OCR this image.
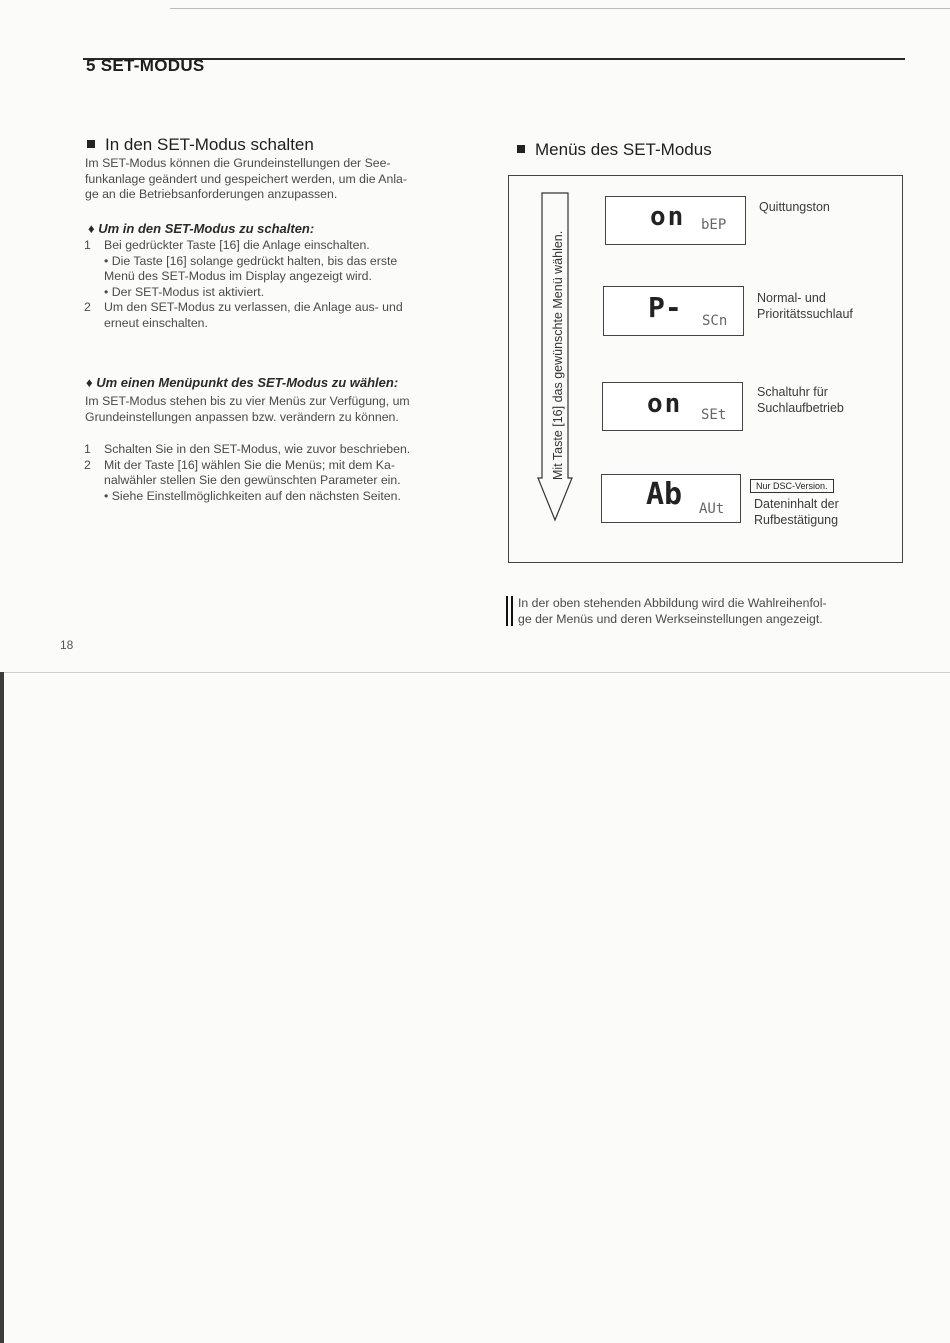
5 SET-MODUS
In den SET-Modus schalten
Im SET-Modus können die Grundeinstellungen der See-
funkanlage geändert und gespeichert werden, um die Anla-
ge an die Betriebsanforderungen anzupassen.
♦ Um in den SET-Modus zu schalten:
1 Bei gedrückter Taste [16] die Anlage einschalten.
• Die Taste [16] solange gedrückt halten, bis das erste
Menü des SET-Modus im Display angezeigt wird.
• Der SET-Modus ist aktiviert.
2 Um den SET-Modus zu verlassen, die Anlage aus- und
erneut einschalten.
♦ Um einen Menüpunkt des SET-Modus zu wählen:
Im SET-Modus stehen bis zu vier Menüs zur Verfügung, um
Grundeinstellungen anpassen bzw. verändern zu können.
1 Schalten Sie in den SET-Modus, wie zuvor beschrieben.
2 Mit der Taste [16] wählen Sie die Menüs; mit dem Ka-
nalwähler stellen Sie den gewünschten Parameter ein.
• Siehe Einstellmöglichkeiten auf den nächsten Seiten.
Menüs des SET-Modus
Mit Taste [16] das gewünschte Menü wählen.
on bEP
Quittungston
P- SCn
Normal- und
Prioritätssuchlauf
on SEt
Schaltuhr für
Suchlaufbetrieb
Ab AUt
Nur DSC-Version.
Dateninhalt der
Rufbestätigung
In der oben stehenden Abbildung wird die Wahlreihenfol-
ge der Menüs und deren Werkseinstellungen angezeigt.
18
